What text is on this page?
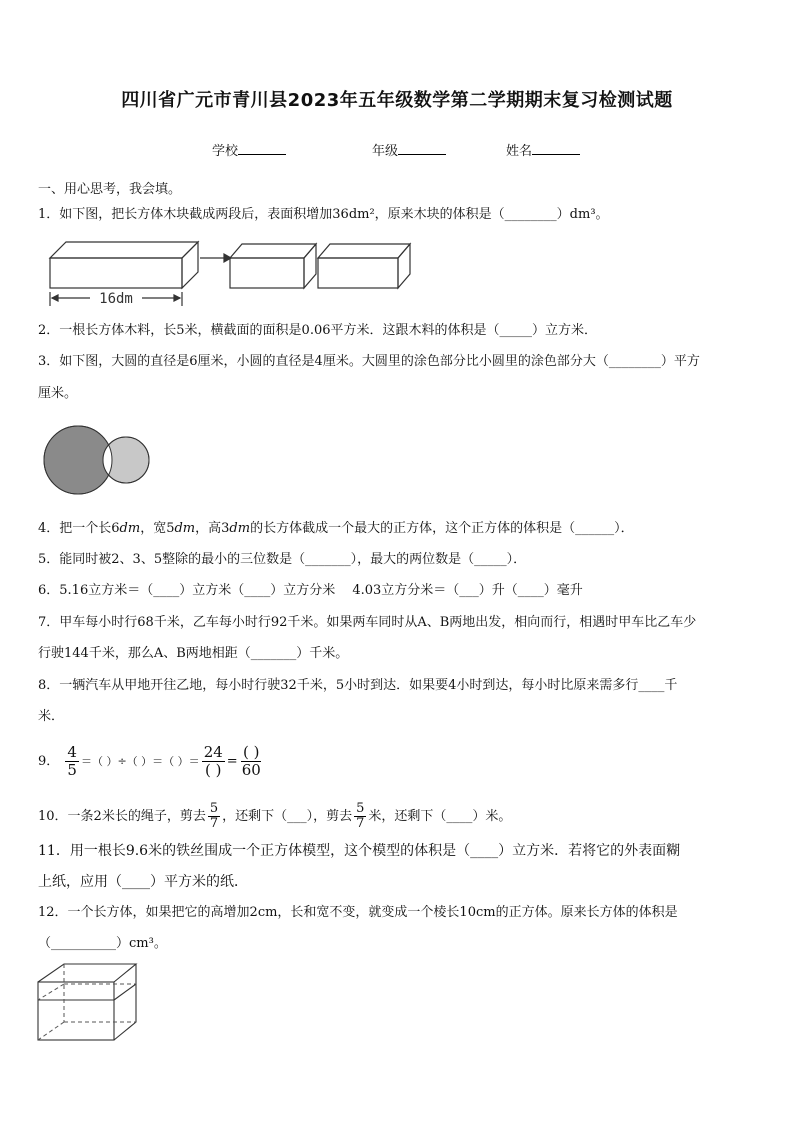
四川省广元市青川县2023年五年级数学第二学期期末复习检测试题
学校	年级	姓名
一、用心思考，我会填。
1．如下图，把长方体木块截成两段后，表面积增加36dm²，原来木块的体积是（________）dm³。
16dm
2．一根长方体木料，长5米，横截面的面积是0.06平方米．这跟木料的体积是（_____）立方米．
3．如下图，大圆的直径是6厘米，小圆的直径是4厘米。大圆里的涂色部分比小圆里的涂色部分大（________）平方
厘米。
4．把一个长6dm，宽5dm，高3dm的长方体截成一个最大的正方体，这个正方体的体积是（______）．
5．能同时被2、3、5整除的最小的三位数是（_______），最大的两位数是（_____）．
6．5.16立方米＝（____）立方米（____）立方分米　 4.03立方分米＝（___）升（____）毫升
7．甲车每小时行68千米，乙车每小时行92千米。如果两车同时从A、B两地出发，相向而行，相遇时甲车比乙车少
行驶144千米，那么A、B两地相距（_______）千米。
8．一辆汽车从甲地开往乙地，每小时行驶32千米，5小时到达．如果要4小时到达，每小时比原来需多行____千
米．
9． $\frac{4}{5}$ ＝（ ）÷（ ）＝（ ）＝ $\frac{24}{( )} = \frac{( )}{60}$
10．一条2米长的绳子，剪去 $\frac{5}{7}$ ，还剩下（___），剪去 $\frac{5}{7}$ 米，还剩下（____）米。
11．用一根长9.6米的铁丝围成一个正方体模型，这个模型的体积是（____）立方米．若将它的外表面糊
上纸，应用（____）平方米的纸．
12．一个长方体，如果把它的高增加2cm，长和宽不变，就变成一个棱长10cm的正方体。原来长方体的体积是
（__________）cm³。
